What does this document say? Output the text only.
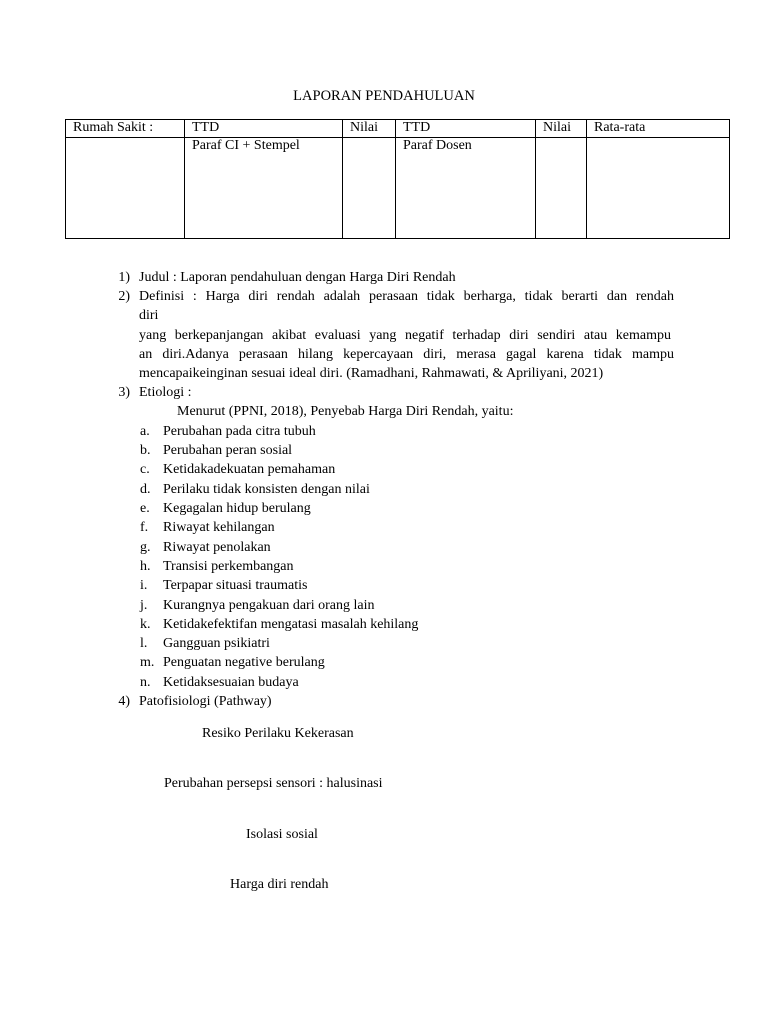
LAPORAN PENDAHULUAN
Rumah Sakit :	TTD	Nilai	TTD	Nilai	Rata-rata
	Paraf CI + Stempel		Paraf Dosen		
1) Judul : Laporan pendahuluan dengan Harga Diri Rendah
2) Definisi : Harga diri rendah adalah perasaan tidak berharga, tidak berarti dan rendah
diri
yang berkepanjangan akibat evaluasi yang negatif terhadap diri sendiri atau kemampu
an diri.Adanya perasaan hilang kepercayaan diri, merasa gagal karena tidak mampu
mencapaikeinginan sesuai ideal diri. (Ramadhani, Rahmawati, & Apriliyani, 2021)
3) Etiologi :
Menurut (PPNI, 2018), Penyebab Harga Diri Rendah, yaitu:
a. Perubahan pada citra tubuh
b. Perubahan peran sosial
c. Ketidakadekuatan pemahaman
d. Perilaku tidak konsisten dengan nilai
e. Kegagalan hidup berulang
f. Riwayat kehilangan
g. Riwayat penolakan
h. Transisi perkembangan
i. Terpapar situasi traumatis
j. Kurangnya pengakuan dari orang lain
k. Ketidakefektifan mengatasi masalah kehilang
l. Gangguan psikiatri
m. Penguatan negative berulang
n. Ketidaksesuaian budaya
4) Patofisiologi (Pathway)
Resiko Perilaku Kekerasan
Perubahan persepsi sensori : halusinasi
Isolasi sosial
Harga diri rendah
